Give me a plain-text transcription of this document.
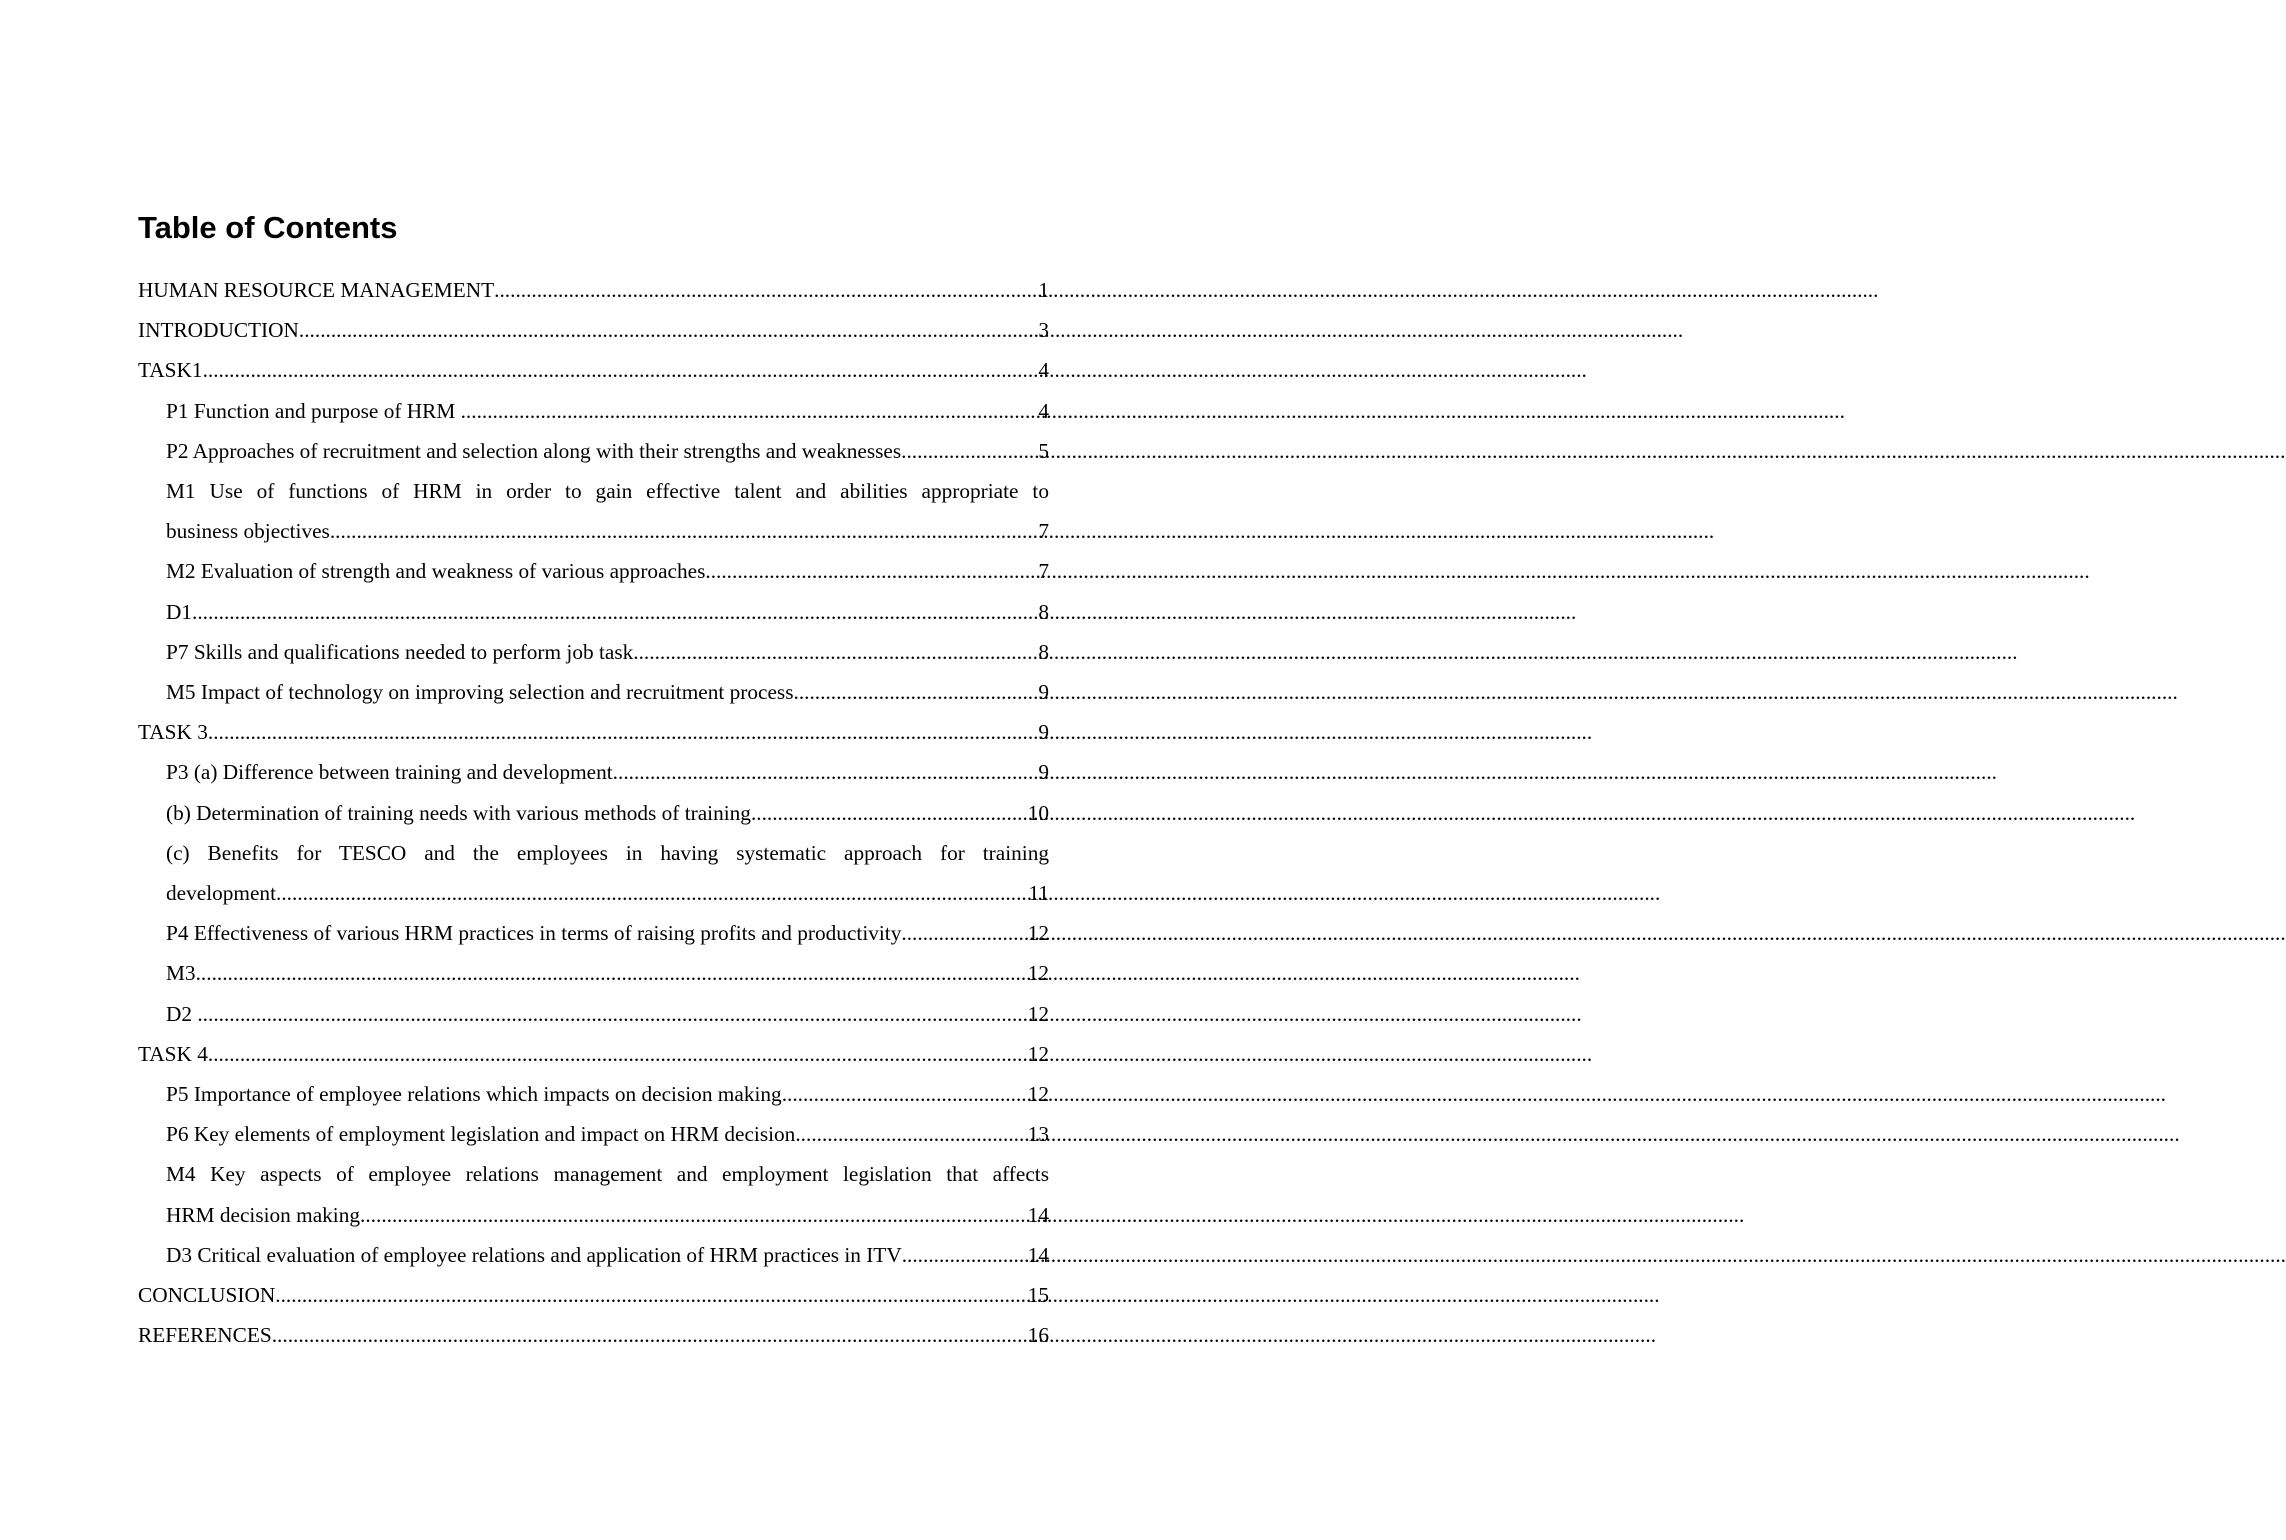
Table of Contents
HUMAN RESOURCE MANAGEMENT .....	1
INTRODUCTION .....	3
TASK1 .....	4
P1 Function and purpose of HRM .....	4
P2 Approaches of recruitment and selection along with their strengths and weaknesses .....	5
M1 Use of functions of HRM in order to gain effective talent and abilities appropriate to
business objectives .....	7
M2 Evaluation of strength and weakness of various approaches .....	7
D1 .....	8
P7 Skills and qualifications needed to perform job task .....	8
M5 Impact of technology on improving selection and recruitment process .....	9
TASK 3 .....	9
P3 (a) Difference between training and development .....	9
(b) Determination of training needs with various methods of training .....	10
(c) Benefits for TESCO and the employees in having systematic approach for training
development .....	11
P4 Effectiveness of various HRM practices in terms of raising profits and productivity .....	12
M3 .....	12
D2 .....	12
TASK 4 .....	12
P5 Importance of employee relations which impacts on decision making .....	12
P6 Key elements of employment legislation and impact on HRM decision .....	13
M4 Key aspects of employee relations management and employment legislation that affects
HRM decision making .....	14
D3 Critical evaluation of employee relations and application of HRM practices in ITV .....	14
CONCLUSION .....	15
REFERENCES .....	16
